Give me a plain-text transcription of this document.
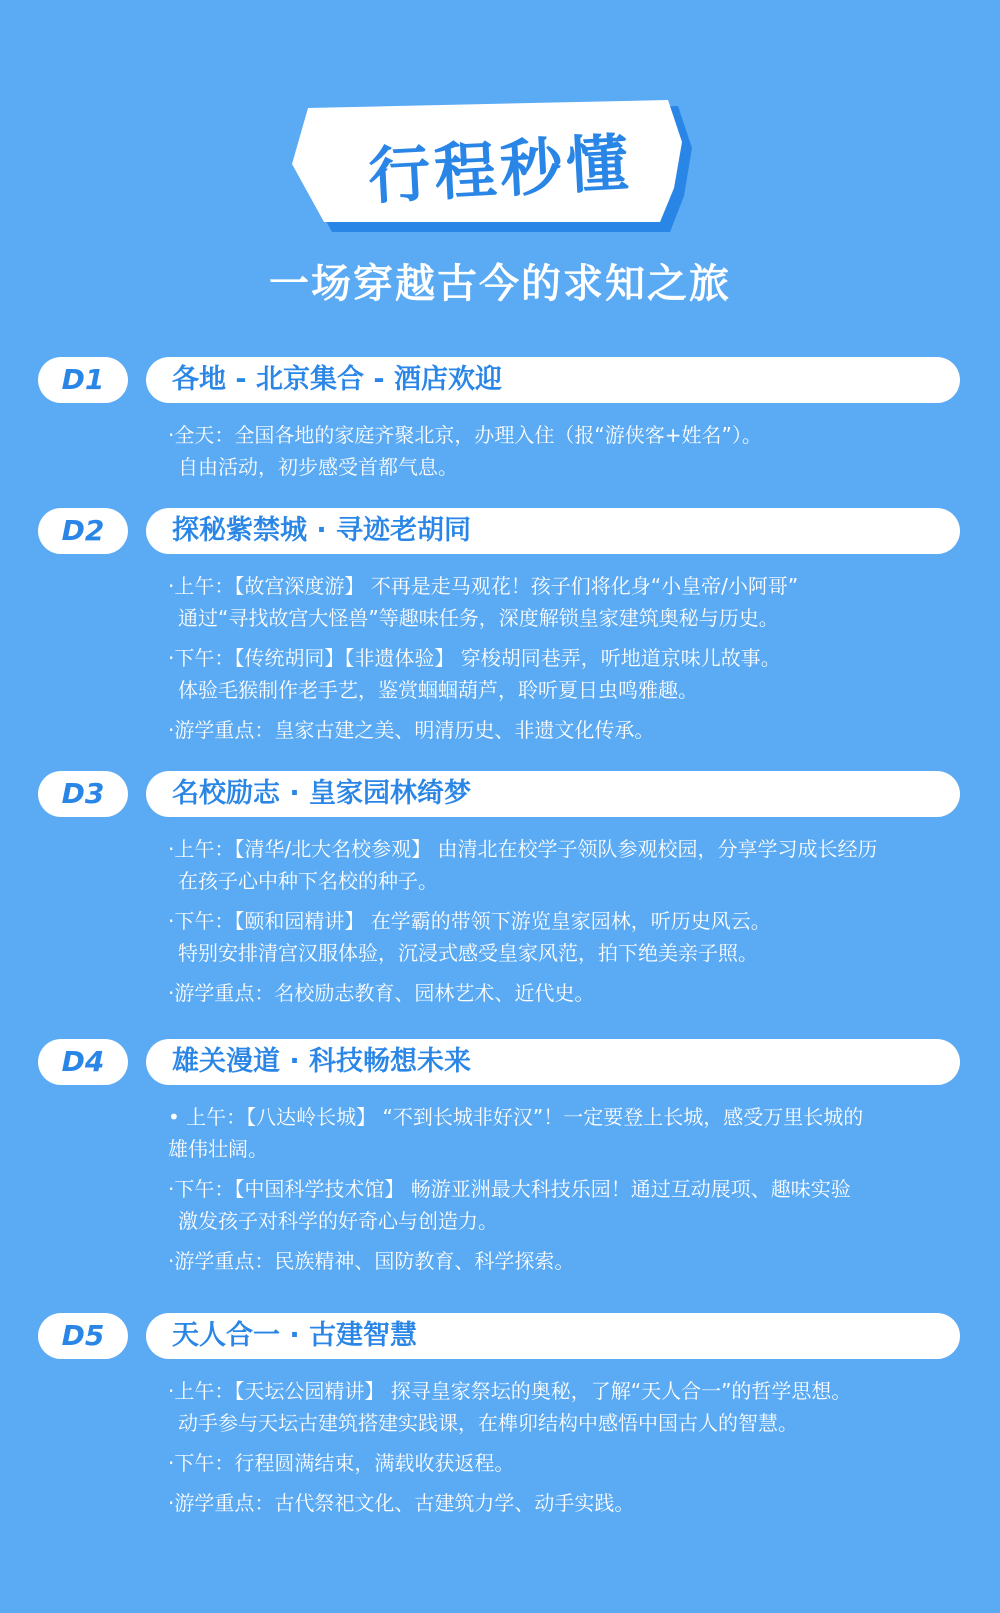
行程秒懂
一场穿越古今的求知之旅
D1	各地 - 北京集合 - 酒店欢迎
·全天：全国各地的家庭齐聚北京，办理入住（报“游侠客+姓名”）。
自由活动，初步感受首都气息。
D2	探秘紫禁城 · 寻迹老胡同
·上午：【故宫深度游】 不再是走马观花！孩子们将化身“小皇帝/小阿哥”
通过“寻找故宫大怪兽”等趣味任务，深度解锁皇家建筑奥秘与历史。
·下午：【传统胡同】【非遗体验】 穿梭胡同巷弄，听地道京味儿故事。
体验毛猴制作老手艺，鉴赏蝈蝈葫芦，聆听夏日虫鸣雅趣。
·游学重点：皇家古建之美、明清历史、非遗文化传承。
D3	名校励志 · 皇家园林绮梦
·上午：【清华/北大名校参观】 由清北在校学子领队参观校园，分享学习成长经历
在孩子心中种下名校的种子。
·下午：【颐和园精讲】 在学霸的带领下游览皇家园林，听历史风云。
特别安排清宫汉服体验，沉浸式感受皇家风范，拍下绝美亲子照。
·游学重点：名校励志教育、园林艺术、近代史。
D4	雄关漫道 · 科技畅想未来
• 上午：【八达岭长城】 “不到长城非好汉”！一定要登上长城，感受万里长城的
雄伟壮阔。
·下午：【中国科学技术馆】 畅游亚洲最大科技乐园！通过互动展项、趣味实验
激发孩子对科学的好奇心与创造力。
·游学重点：民族精神、国防教育、科学探索。
D5	天人合一 · 古建智慧
·上午：【天坛公园精讲】 探寻皇家祭坛的奥秘，了解“天人合一”的哲学思想。
动手参与天坛古建筑搭建实践课，在榫卯结构中感悟中国古人的智慧。
·下午：行程圆满结束，满载收获返程。
·游学重点：古代祭祀文化、古建筑力学、动手实践。
